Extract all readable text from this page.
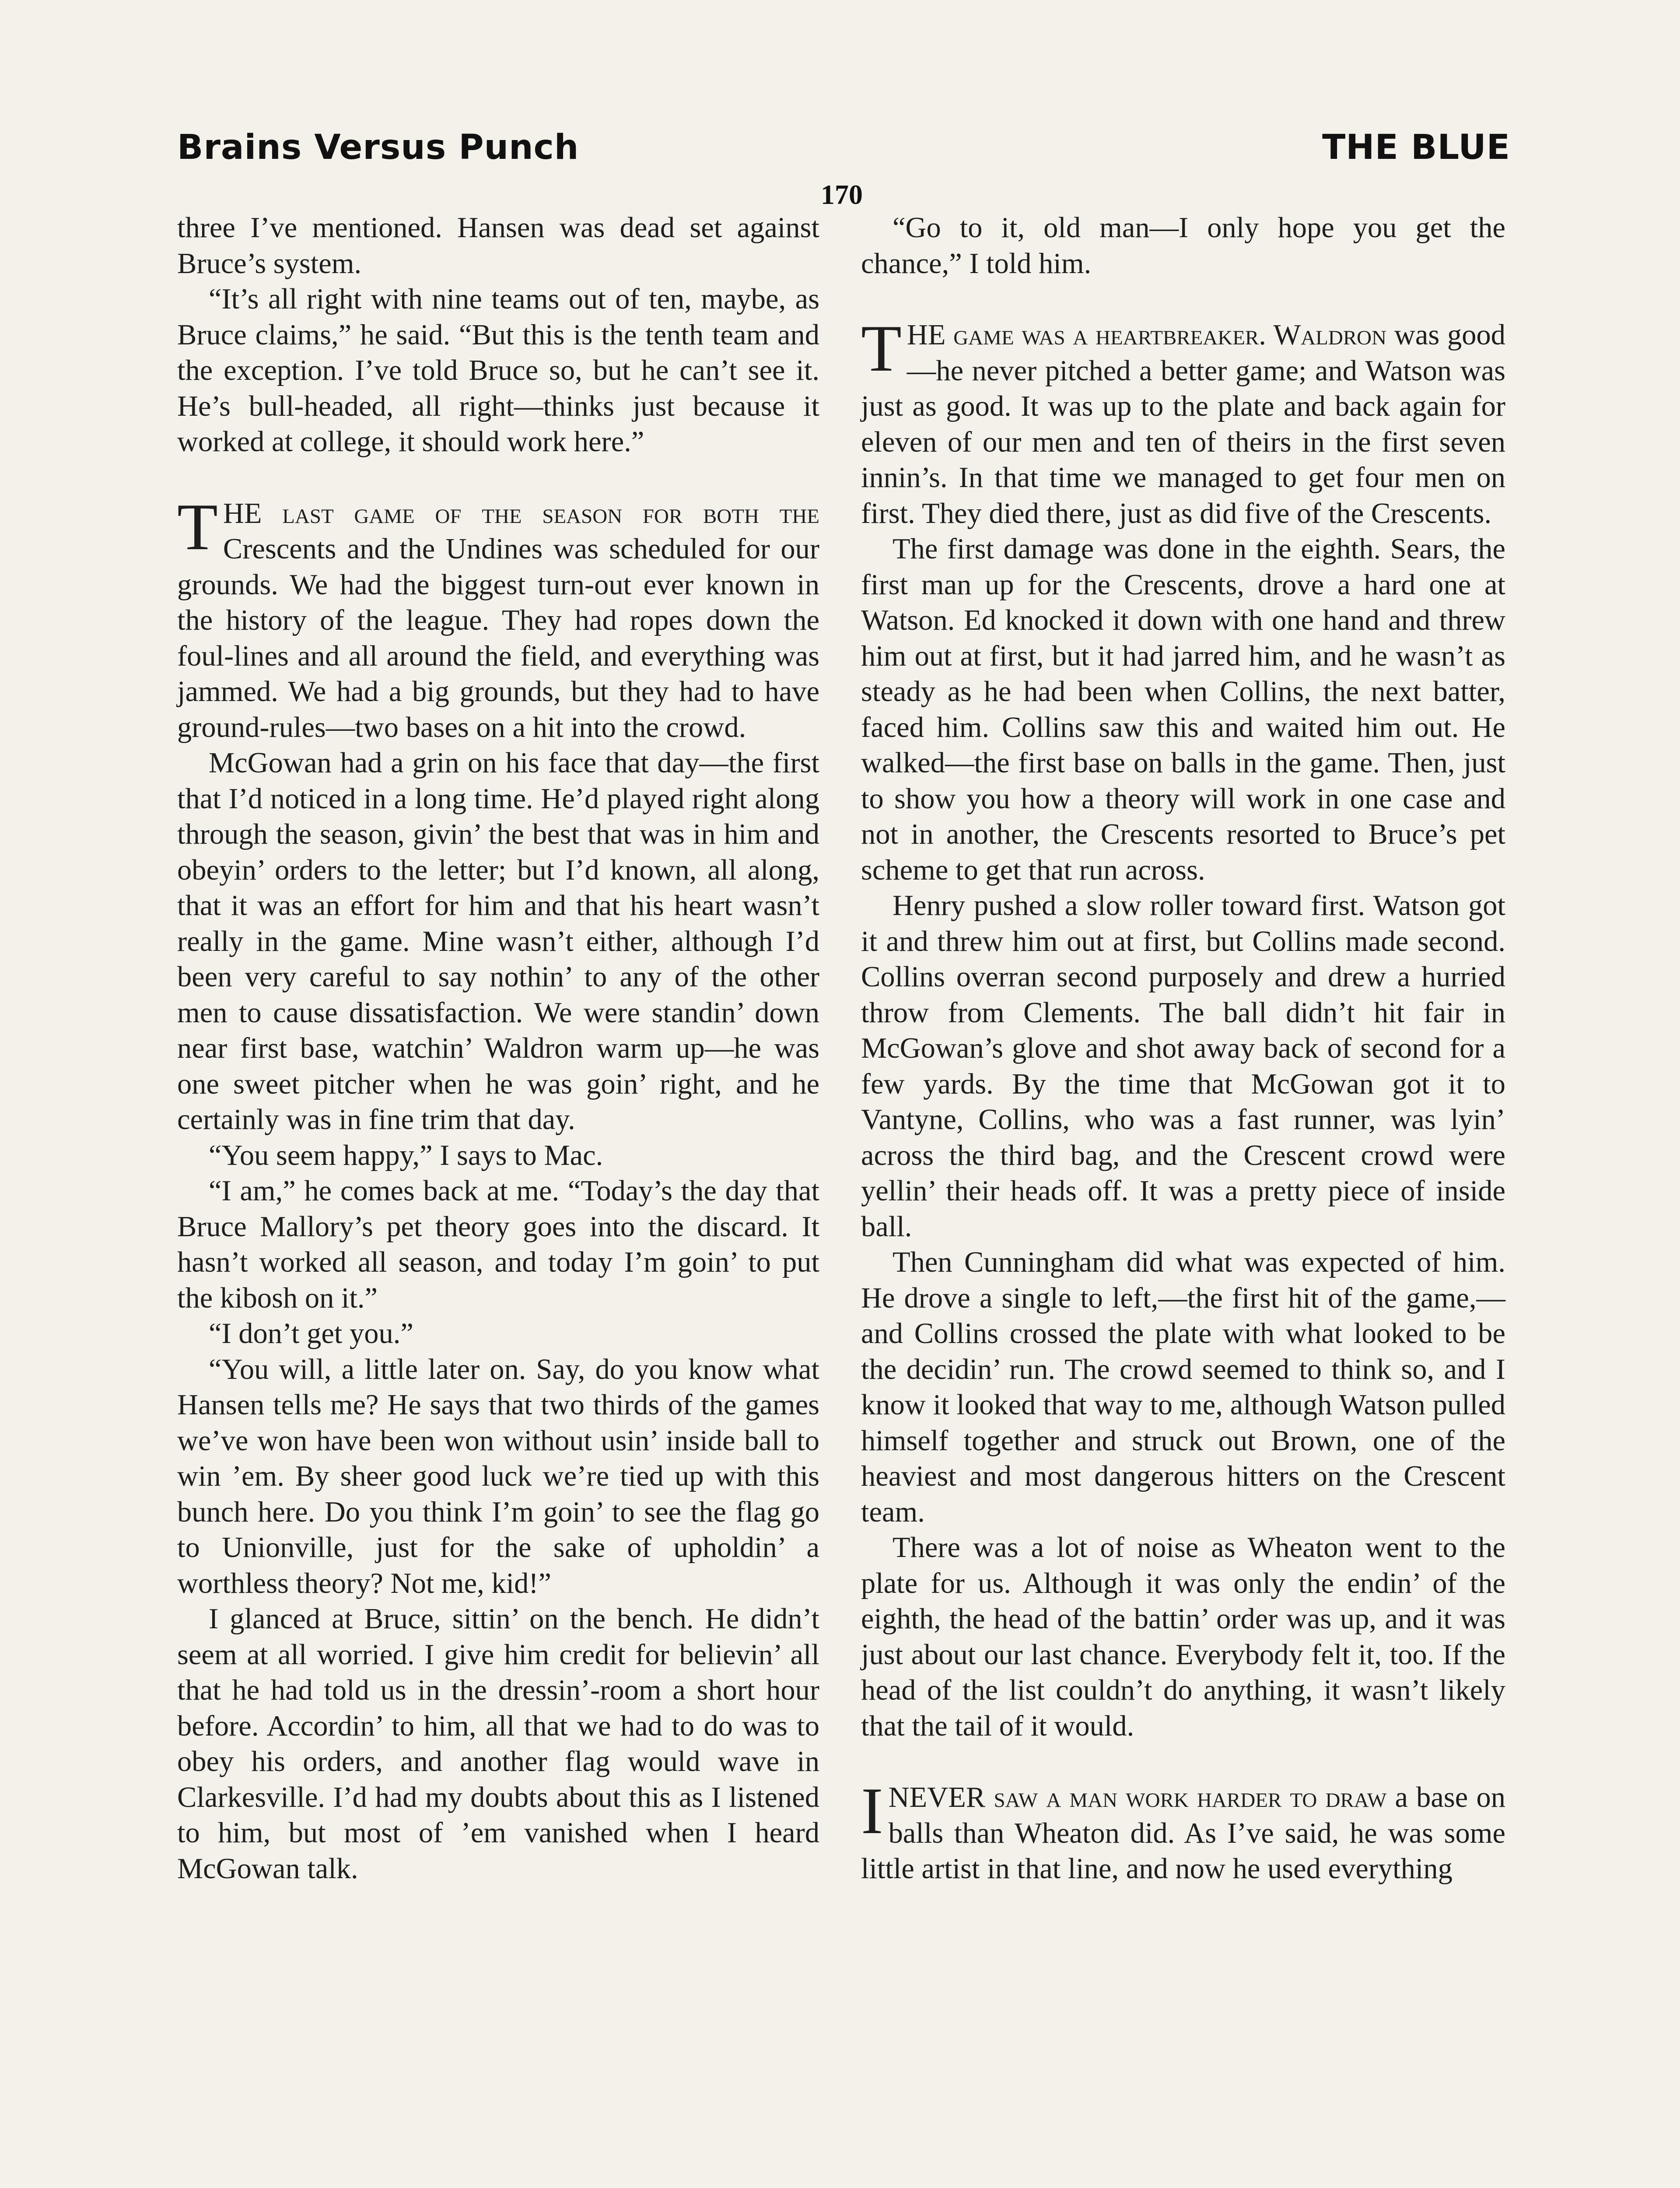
Brains Versus Punch	THE BLUE
170

three I’ve mentioned. Hansen was dead set against Bruce’s system.

“It’s all right with nine teams out of ten, maybe, as Bruce claims,” he said. “But this is the tenth team and the exception. I’ve told Bruce so, but he can’t see it. He’s bull-headed, all right—thinks just because it worked at college, it should work here.”

THE last game of the season for both the Crescents and the Undines was scheduled for our grounds. We had the biggest turn-out ever known in the history of the league. They had ropes down the foul-lines and all around the field, and everything was jammed. We had a big grounds, but they had to have ground-rules—two bases on a hit into the crowd.

McGowan had a grin on his face that day—the first that I’d noticed in a long time. He’d played right along through the season, givin’ the best that was in him and obeyin’ orders to the letter; but I’d known, all along, that it was an effort for him and that his heart wasn’t really in the game. Mine wasn’t either, although I’d been very careful to say nothin’ to any of the other men to cause dissatisfaction. We were standin’ down near first base, watchin’ Waldron warm up—he was one sweet pitcher when he was goin’ right, and he certainly was in fine trim that day.

“You seem happy,” I says to Mac.

“I am,” he comes back at me. “Today’s the day that Bruce Mallory’s pet theory goes into the discard. It hasn’t worked all season, and today I’m goin’ to put the kibosh on it.”

“I don’t get you.”

“You will, a little later on. Say, do you know what Hansen tells me? He says that two thirds of the games we’ve won have been won without usin’ inside ball to win ’em. By sheer good luck we’re tied up with this bunch here. Do you think I’m goin’ to see the flag go to Unionville, just for the sake of upholdin’ a worthless theory? Not me, kid!”

I glanced at Bruce, sittin’ on the bench. He didn’t seem at all worried. I give him credit for believin’ all that he had told us in the dressin’-room a short hour before. Accordin’ to him, all that we had to do was to obey his orders, and another flag would wave in Clarkesville. I’d had my doubts about this as I listened to him, but most of ’em vanished when I heard McGowan talk.

“Go to it, old man—I only hope you get the chance,” I told him.

THE game was a heartbreaker. Waldron was good—he never pitched a better game; and Watson was just as good. It was up to the plate and back again for eleven of our men and ten of theirs in the first seven innin’s. In that time we managed to get four men on first. They died there, just as did five of the Crescents.

The first damage was done in the eighth. Sears, the first man up for the Crescents, drove a hard one at Watson. Ed knocked it down with one hand and threw him out at first, but it had jarred him, and he wasn’t as steady as he had been when Collins, the next batter, faced him. Collins saw this and waited him out. He walked—the first base on balls in the game. Then, just to show you how a theory will work in one case and not in another, the Crescents resorted to Bruce’s pet scheme to get that run across.

Henry pushed a slow roller toward first. Watson got it and threw him out at first, but Collins made second. Collins overran second purposely and drew a hurried throw from Clements. The ball didn’t hit fair in McGowan’s glove and shot away back of second for a few yards. By the time that McGowan got it to Vantyne, Collins, who was a fast runner, was lyin’ across the third bag, and the Crescent crowd were yellin’ their heads off. It was a pretty piece of inside ball.

Then Cunningham did what was expected of him. He drove a single to left,—the first hit of the game,—and Collins crossed the plate with what looked to be the decidin’ run. The crowd seemed to think so, and I know it looked that way to me, although Watson pulled himself together and struck out Brown, one of the heaviest and most dangerous hitters on the Crescent team.

There was a lot of noise as Wheaton went to the plate for us. Although it was only the endin’ of the eighth, the head of the battin’ order was up, and it was just about our last chance. Everybody felt it, too. If the head of the list couldn’t do anything, it wasn’t likely that the tail of it would.

INEVER saw a man work harder to draw a base on balls than Wheaton did. As I’ve said, he was some little artist in that line, and now he used everything
